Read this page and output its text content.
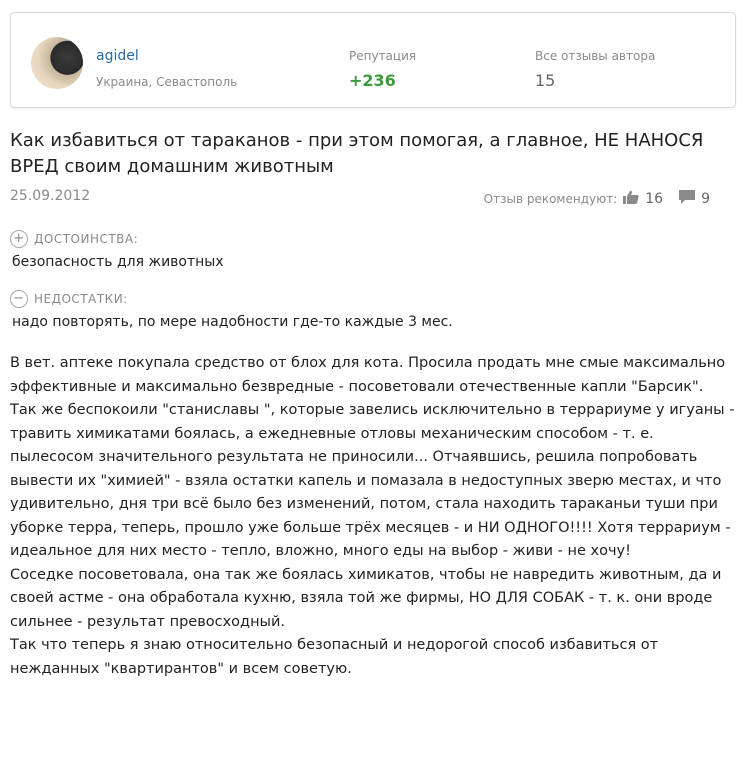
agidel
Украина, Севастополь
Репутация
+236
Все отзывы автора
15
Как избавиться от тараканов - при этом помогая, а главное, НЕ НАНОСЯ ВРЕД своим домашним животным
25.09.2012	Отзыв рекомендуют: 16	9
+ ДОСТОИНСТВА:
безопасность для животных
− НЕДОСТАТКИ:
надо повторять, по мере надобности где-то каждые 3 мес.

В вет. аптеке покупала средство от блох для кота. Просила продать мне смые максимально эффективные и максимально безвредные - посоветовали отечественные капли "Барсик".

Так же беспокоили "станиславы ", которые завелись исключительно в террариуме у игуаны - травить химикатами боялась, а ежедневные отловы механическим способом - т. е. пылесосом значительного результата не приносили... Отчаявшись, решила попробовать вывести их "химией" - взяла остатки капель и помазала в недоступных зверю местах, и что удивительно, дня три всё было без изменений, потом, стала находить тараканьи туши при уборке терра, теперь, прошло уже больше трёх месяцев - и НИ ОДНОГО!!!! Хотя террариум - идеальное для них место - тепло, вложно, много еды на выбор - живи - не хочу!

Соседке посоветовала, она так же боялась химикатов, чтобы не навредить животным, да и своей астме - она обработала кухню, взяла той же фирмы, НО ДЛЯ СОБАК - т. к. они вроде сильнее - результат превосходный.

Так что теперь я знаю относительно безопасный и недорогой способ избавиться от нежданных "квартирантов" и всем советую.
